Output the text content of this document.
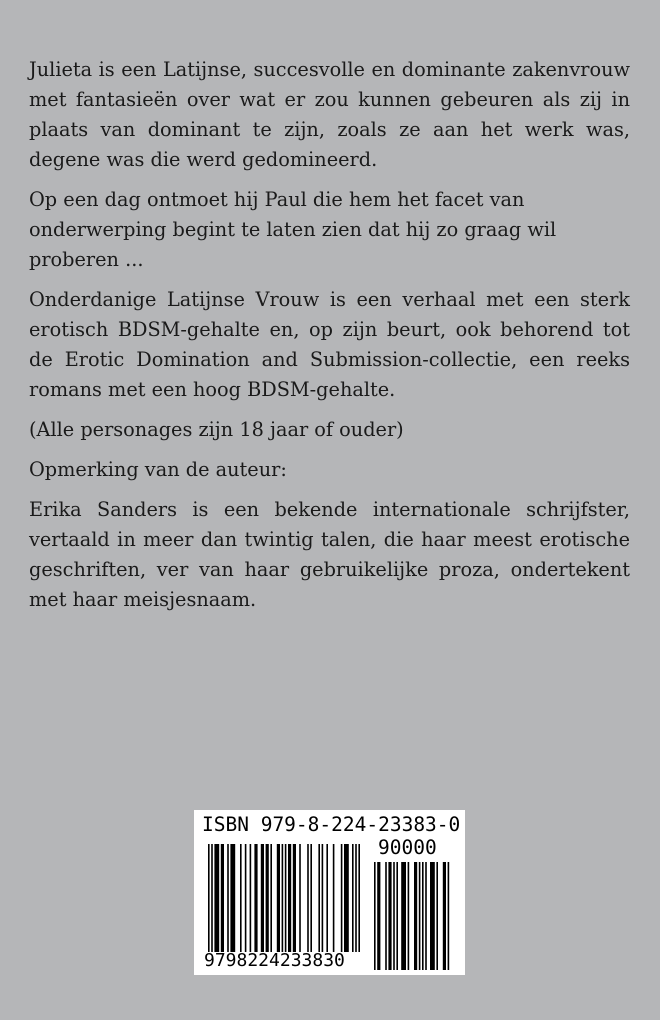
Julieta is een Latijnse, succesvolle en dominante zakenvrouw met fantasieën over wat er zou kunnen gebeuren als zij in plaats van dominant te zijn, zoals ze aan het werk was, degene was die werd gedomineerd.

Op een dag ontmoet hij Paul die hem het facet van onderwerping begint te laten zien dat hij zo graag wil proberen ...

Onderdanige Latijnse Vrouw is een verhaal met een sterk erotisch BDSM-gehalte en, op zijn beurt, ook behorend tot de Erotic Domination and Submission-collectie, een reeks romans met een hoog BDSM-gehalte.

(Alle personages zijn 18 jaar of ouder)

Opmerking van de auteur:

Erika Sanders is een bekende internationale schrijfster, vertaald in meer dan twintig talen, die haar meest erotische geschriften, ver van haar gebruikelijke proza, ondertekent met haar meisjesnaam.

ISBN 979-8-224-23383-0
90000
9798224233830
